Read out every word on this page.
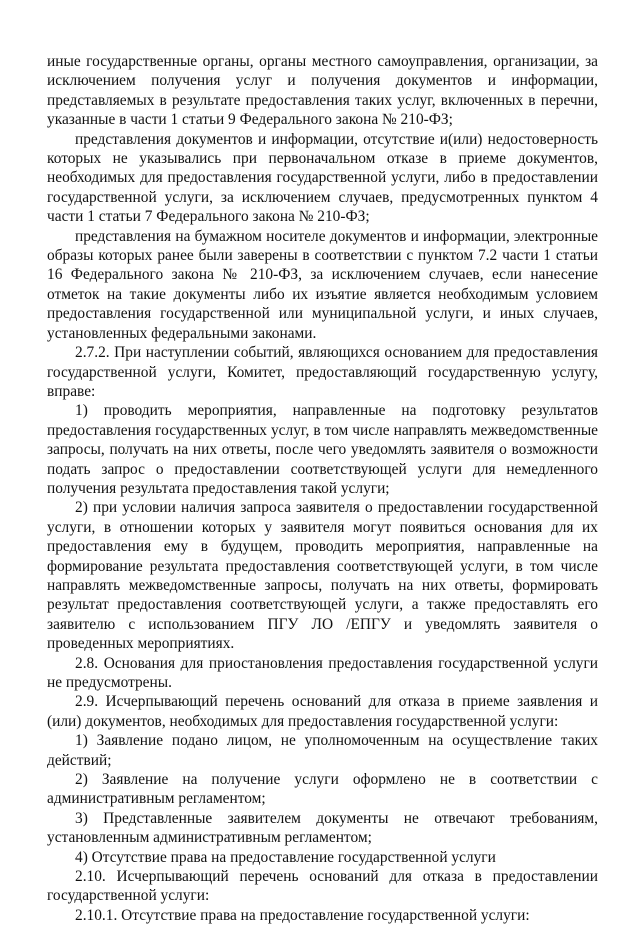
иные государственные органы, органы местного самоуправления, организации, за исключением получения услуг и получения документов и информации, представляемых в результате предоставления таких услуг, включенных в перечни, указанные в части 1 статьи 9 Федерального закона № 210-ФЗ;

представления документов и информации, отсутствие и(или) недостоверность которых не указывались при первоначальном отказе в приеме документов, необходимых для предоставления государственной услуги, либо в предоставлении государственной услуги, за исключением случаев, предусмотренных пунктом 4 части 1 статьи 7 Федерального закона № 210-ФЗ;

представления на бумажном носителе документов и информации, электронные образы которых ранее были заверены в соответствии с пунктом 7.2 части 1 статьи 16 Федерального закона № 210-ФЗ, за исключением случаев, если нанесение отметок на такие документы либо их изъятие является необходимым условием предоставления государственной или муниципальной услуги, и иных случаев, установленных федеральными законами.

2.7.2. При наступлении событий, являющихся основанием для предоставления государственной услуги, Комитет, предоставляющий государственную услугу, вправе:

1) проводить мероприятия, направленные на подготовку результатов предоставления государственных услуг, в том числе направлять межведомственные запросы, получать на них ответы, после чего уведомлять заявителя о возможности подать запрос о предоставлении соответствующей услуги для немедленного получения результата предоставления такой услуги;

2) при условии наличия запроса заявителя о предоставлении государственной услуги, в отношении которых у заявителя могут появиться основания для их предоставления ему в будущем, проводить мероприятия, направленные на формирование результата предоставления соответствующей услуги, в том числе направлять межведомственные запросы, получать на них ответы, формировать результат предоставления соответствующей услуги, а также предоставлять его заявителю с использованием ПГУ ЛО /ЕПГУ и уведомлять заявителя о проведенных мероприятиях.

2.8. Основания для приостановления предоставления государственной услуги не предусмотрены.

2.9. Исчерпывающий перечень оснований для отказа в приеме заявления и (или) документов, необходимых для предоставления государственной услуги:

1) Заявление подано лицом, не уполномоченным на осуществление таких действий;

2) Заявление на получение услуги оформлено не в соответствии с административным регламентом;

3) Представленные заявителем документы не отвечают требованиям, установленным административным регламентом;

4) Отсутствие права на предоставление государственной услуги

2.10. Исчерпывающий перечень оснований для отказа в предоставлении государственной услуги:

2.10.1. Отсутствие права на предоставление государственной услуги:
